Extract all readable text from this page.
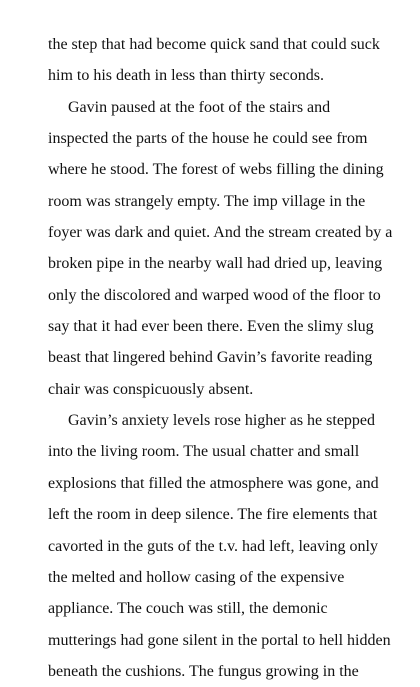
the step that had become quick sand that could suck
him to his death in less than thirty seconds.
Gavin paused at the foot of the stairs and
inspected the parts of the house he could see from
where he stood. The forest of webs filling the dining
room was strangely empty. The imp village in the
foyer was dark and quiet. And the stream created by a
broken pipe in the nearby wall had dried up, leaving
only the discolored and warped wood of the floor to
say that it had ever been there. Even the slimy slug
beast that lingered behind Gavin’s favorite reading
chair was conspicuously absent.
Gavin’s anxiety levels rose higher as he stepped
into the living room. The usual chatter and small
explosions that filled the atmosphere was gone, and
left the room in deep silence. The fire elements that
cavorted in the guts of the t.v. had left, leaving only
the melted and hollow casing of the expensive
appliance. The couch was still, the demonic
mutterings had gone silent in the portal to hell hidden
beneath the cushions. The fungus growing in the
